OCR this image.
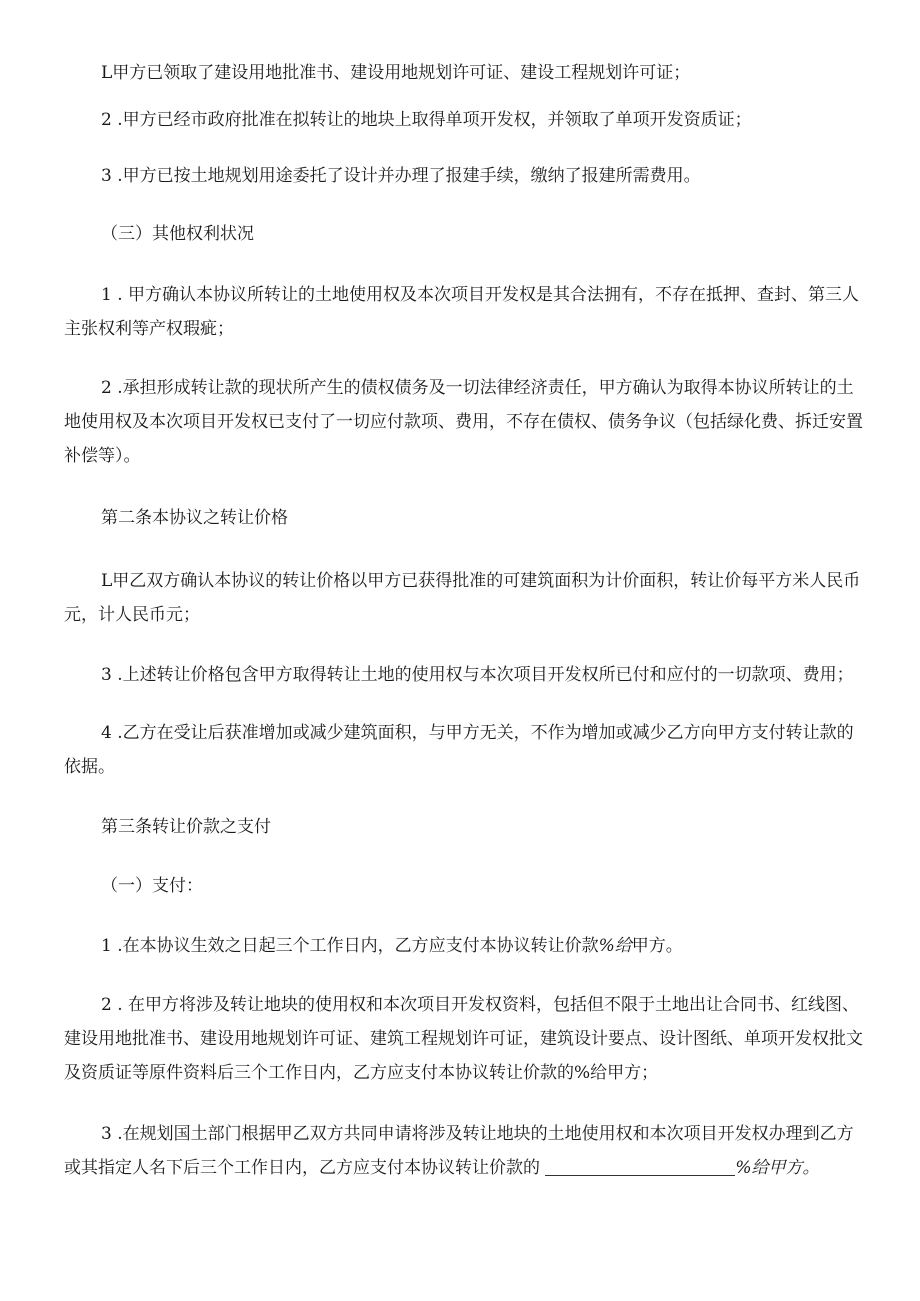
L甲方已领取了建设用地批准书、建设用地规划许可证、建设工程规划许可证；

2 .甲方已经市政府批准在拟转让的地块上取得单项开发权，并领取了单项开发资质证；

3 .甲方已按土地规划用途委托了设计并办理了报建手续，缴纳了报建所需费用。

（三）其他权利状况

1 . 甲方确认本协议所转让的土地使用权及本次项目开发权是其合法拥有，不存在抵押、查封、第三人主张权利等产权瑕疵；

2 .承担形成转让款的现状所产生的债权债务及一切法律经济责任，甲方确认为取得本协议所转让的土地使用权及本次项目开发权已支付了一切应付款项、费用，不存在债权、债务争议（包括绿化费、拆迁安置补偿等）。

第二条本协议之转让价格

L甲乙双方确认本协议的转让价格以甲方已获得批准的可建筑面积为计价面积，转让价每平方米人民币元，计人民币元；

3 .上述转让价格包含甲方取得转让土地的使用权与本次项目开发权所已付和应付的一切款项、费用；

4 .乙方在受让后获准增加或减少建筑面积，与甲方无关，不作为增加或减少乙方向甲方支付转让款的依据。

第三条转让价款之支付

（一）支付：

1 .在本协议生效之日起三个工作日内，乙方应支付本协议转让价款%给甲方。

2 . 在甲方将涉及转让地块的使用权和本次项目开发权资料，包括但不限于土地出让合同书、红线图、建设用地批准书、建设用地规划许可证、建筑工程规划许可证，建筑设计要点、设计图纸、单项开发权批文及资质证等原件资料后三个工作日内，乙方应支付本协议转让价款的%给甲方；

3 .在规划国土部门根据甲乙双方共同申请将涉及转让地块的土地使用权和本次项目开发权办理到乙方或其指定人名下后三个工作日内，乙方应支付本协议转让价款的	%给甲方。
